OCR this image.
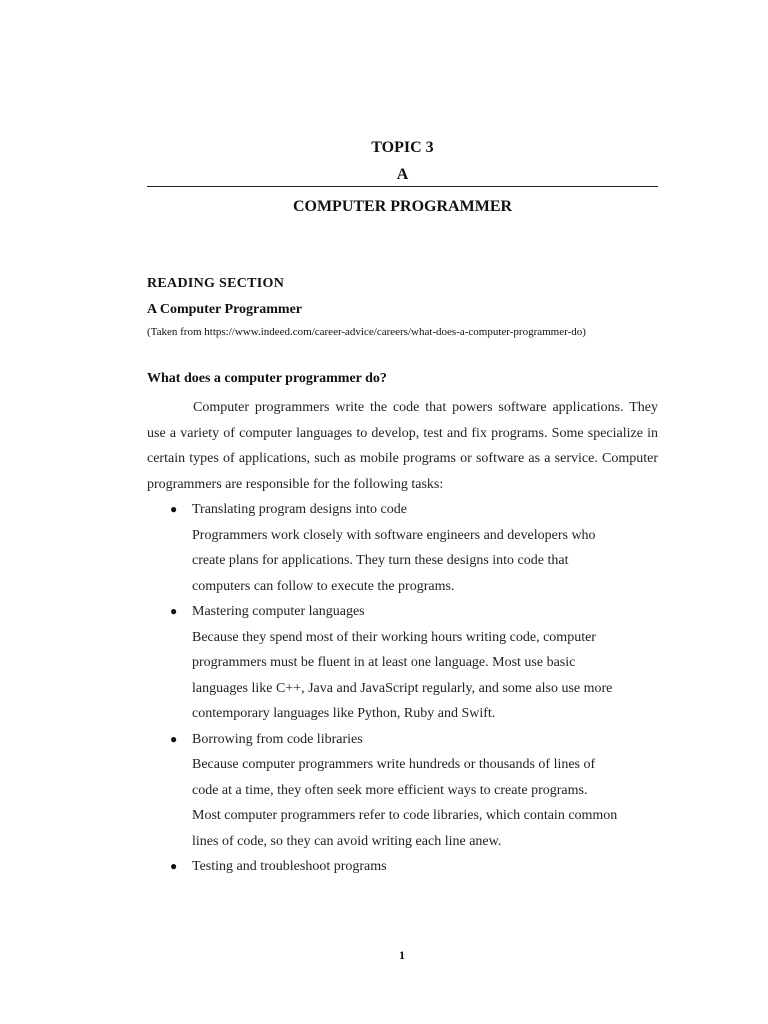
TOPIC 3
A
COMPUTER PROGRAMMER
READING SECTION
A Computer Programmer
(Taken from https://www.indeed.com/career-advice/careers/what-does-a-computer-programmer-do)
What does a computer programmer do?

Computer programmers write the code that powers software applications. They use a variety of computer languages to develop, test and fix programs. Some specialize in certain types of applications, such as mobile programs or software as a service. Computer programmers are responsible for the following tasks:

● Translating program designs into code
Programmers work closely with software engineers and developers who create plans for applications. They turn these designs into code that computers can follow to execute the programs.
● Mastering computer languages
Because they spend most of their working hours writing code, computer programmers must be fluent in at least one language. Most use basic languages like C++, Java and JavaScript regularly, and some also use more contemporary languages like Python, Ruby and Swift.
● Borrowing from code libraries
Because computer programmers write hundreds or thousands of lines of code at a time, they often seek more efficient ways to create programs. Most computer programmers refer to code libraries, which contain common lines of code, so they can avoid writing each line anew.
● Testing and troubleshoot programs
1
